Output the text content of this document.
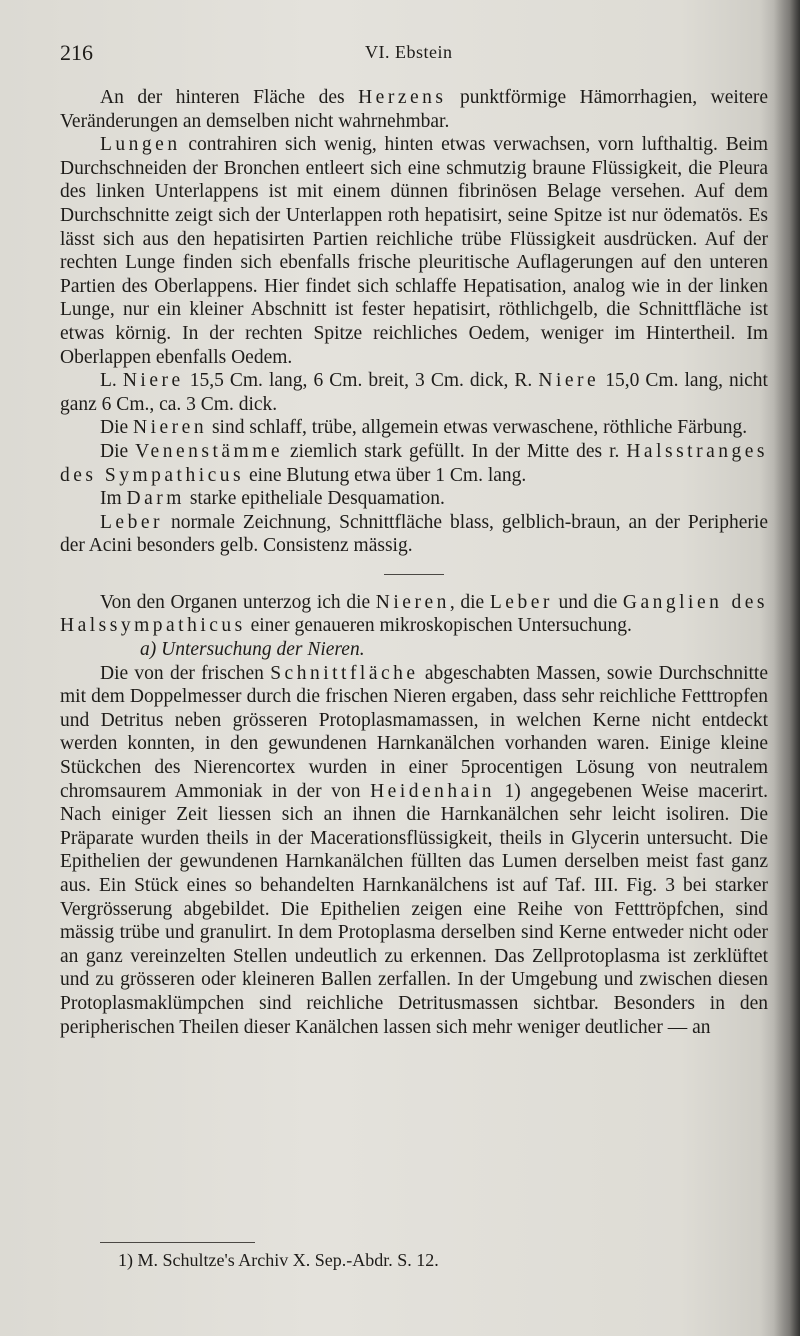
216	VI. Ebstein

An der hinteren Fläche des Herzens punktförmige Hämorrhagien, weitere Veränderungen an demselben nicht wahrnehmbar.

Lungen contrahiren sich wenig, hinten etwas verwachsen, vorn lufthaltig. Beim Durchschneiden der Bronchen entleert sich eine schmutzig braune Flüssigkeit, die Pleura des linken Unterlappens ist mit einem dünnen fibrinösen Belage versehen. Auf dem Durchschnitte zeigt sich der Unterlappen roth hepatisirt, seine Spitze ist nur ödematös. Es lässt sich aus den hepatisirten Partien reichliche trübe Flüssigkeit ausdrücken. Auf der rechten Lunge finden sich ebenfalls frische pleuritische Auflagerungen auf den unteren Partien des Oberlappens. Hier findet sich schlaffe Hepatisation, analog wie in der linken Lunge, nur ein kleiner Abschnitt ist fester hepatisirt, röthlichgelb, die Schnittfläche ist etwas körnig. In der rechten Spitze reichliches Oedem, weniger im Hintertheil. Im Oberlappen ebenfalls Oedem.

L. Niere 15,5 Cm. lang, 6 Cm. breit, 3 Cm. dick, R. Niere 15,0 Cm. lang, nicht ganz 6 Cm., ca. 3 Cm. dick.

Die Nieren sind schlaff, trübe, allgemein etwas verwaschene, röthliche Färbung.

Die Venenstämme ziemlich stark gefüllt. In der Mitte des r. Halsstranges des Sympathicus eine Blutung etwa über 1 Cm. lang.

Im Darm starke epitheliale Desquamation.

Leber normale Zeichnung, Schnittfläche blass, gelblich-braun, an der Peripherie der Acini besonders gelb. Consistenz mässig.

Von den Organen unterzog ich die Nieren, die Leber und die Ganglien des Halssympathicus einer genaueren mikroskopischen Untersuchung.

a) Untersuchung der Nieren.

Die von der frischen Schnittfläche abgeschabten Massen, sowie Durchschnitte mit dem Doppelmesser durch die frischen Nieren ergaben, dass sehr reichliche Fetttropfen und Detritus neben grösseren Protoplasmamassen, in welchen Kerne nicht entdeckt werden konnten, in den gewundenen Harnkanälchen vorhanden waren. Einige kleine Stückchen des Nierencortex wurden in einer 5procentigen Lösung von neutralem chromsaurem Ammoniak in der von Heidenhain 1) angegebenen Weise macerirt. Nach einiger Zeit liessen sich an ihnen die Harnkanälchen sehr leicht isoliren. Die Präparate wurden theils in der Macerationsflüssigkeit, theils in Glycerin untersucht. Die Epithelien der gewundenen Harnkanälchen füllten das Lumen derselben meist fast ganz aus. Ein Stück eines so behandelten Harnkanälchens ist auf Taf. III. Fig. 3 bei starker Vergrösserung abgebildet. Die Epithelien zeigen eine Reihe von Fetttröpfchen, sind mässig trübe und granulirt. In dem Protoplasma derselben sind Kerne entweder nicht oder an ganz vereinzelten Stellen undeutlich zu erkennen. Das Zellprotoplasma ist zerklüftet und zu grösseren oder kleineren Ballen zerfallen. In der Umgebung und zwischen diesen Protoplasmaklümpchen sind reichliche Detritusmassen sichtbar. Besonders in den peripherischen Theilen dieser Kanälchen lassen sich mehr weniger deutlicher — an

1) M. Schultze's Archiv X. Sep.-Abdr. S. 12.
